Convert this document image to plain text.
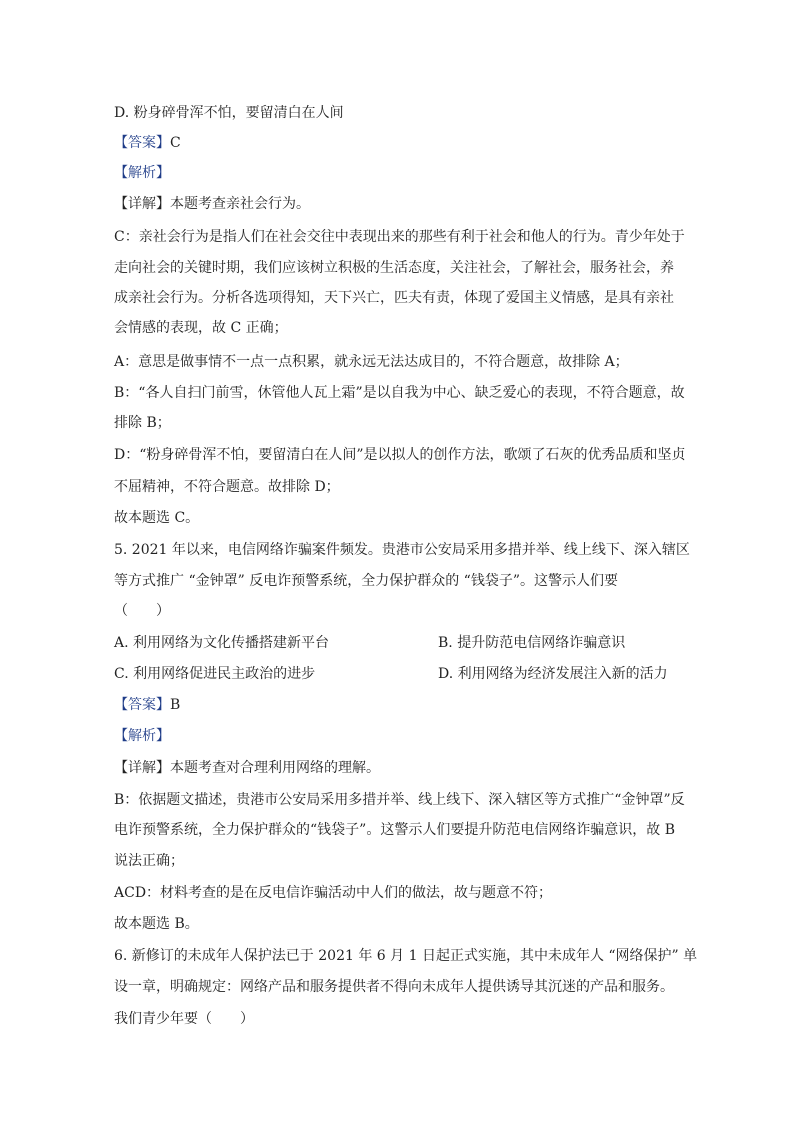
D. 粉身碎骨浑不怕，要留清白在人间
【答案】C
【解析】
【详解】本题考查亲社会行为。
C：亲社会行为是指人们在社会交往中表现出来的那些有利于社会和他人的行为。青少年处于
走向社会的关键时期，我们应该树立积极的生活态度，关注社会，了解社会，服务社会，养
成亲社会行为。分析各选项得知，天下兴亡，匹夫有责，体现了爱国主义情感，是具有亲社
会情感的表现，故 C 正确；
A：意思是做事情不一点一点积累，就永远无法达成目的，不符合题意，故排除 A；
B：“各人自扫门前雪，休管他人瓦上霜”是以自我为中心、缺乏爱心的表现，不符合题意，故
排除 B；
D：“粉身碎骨浑不怕，要留清白在人间”是以拟人的创作方法，歌颂了石灰的优秀品质和坚贞
不屈精神，不符合题意。故排除 D；
故本题选 C。
5. 2021 年以来，电信网络诈骗案件频发。贵港市公安局采用多措并举、线上线下、深入辖区
等方式推广 “金钟罩” 反电诈预警系统，全力保护群众的 “钱袋子”。这警示人们要
（　　）
A. 利用网络为文化传播搭建新平台	B. 提升防范电信网络诈骗意识
C. 利用网络促进民主政治的进步	D. 利用网络为经济发展注入新的活力
【答案】B
【解析】
【详解】本题考查对合理利用网络的理解。
B：依据题文描述，贵港市公安局采用多措并举、线上线下、深入辖区等方式推广“金钟罩”反
电诈预警系统，全力保护群众的“钱袋子”。这警示人们要提升防范电信网络诈骗意识，故 B
说法正确；
ACD：材料考查的是在反电信诈骗活动中人们的做法，故与题意不符；
故本题选 B。
6. 新修订的未成年人保护法已于 2021 年 6 月 1 日起正式实施，其中未成年人 “网络保护” 单
设一章，明确规定：网络产品和服务提供者不得向未成年人提供诱导其沉迷的产品和服务。
我们青少年要（　　）
